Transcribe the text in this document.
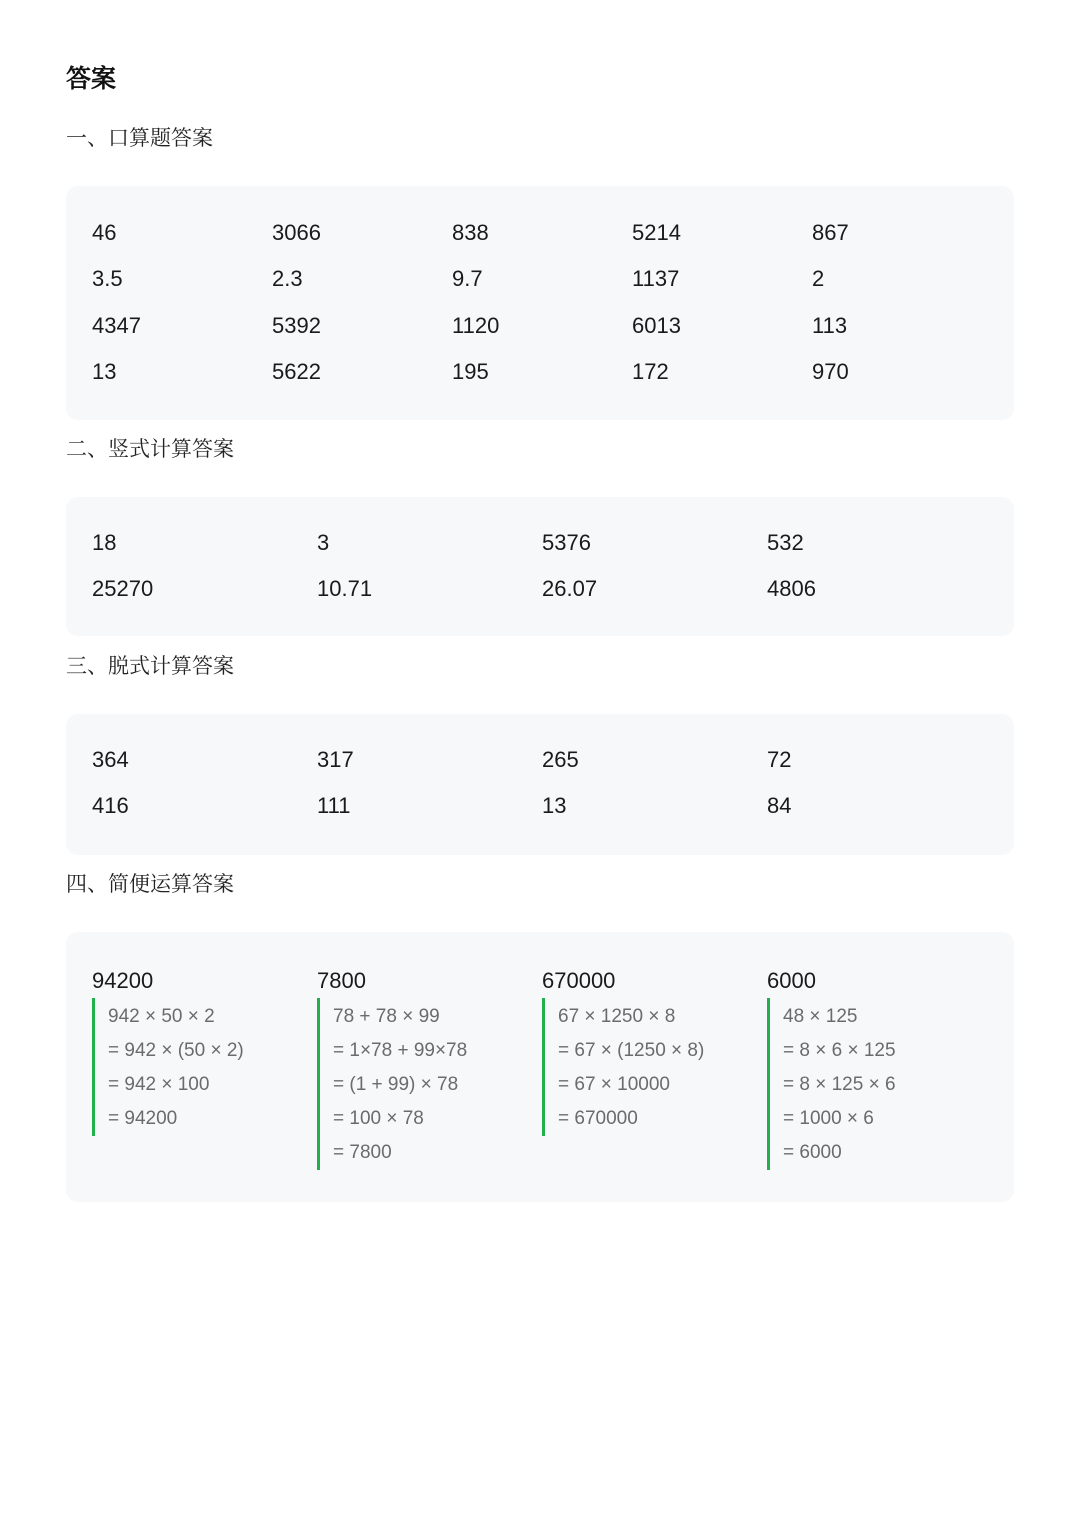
答案
一、口算题答案
46	3066	838	5214	867
3.5	2.3	9.7	1137	2
4347	5392	1120	6013	113
13	5622	195	172	970
二、竖式计算答案
18	3	5376	532
25270	10.71	26.07	4806
三、脱式计算答案
364	317	265	72
416	111	13	84
四、简便运算答案
94200
942 × 50 × 2
= 942 × (50 × 2)
= 942 × 100
= 94200
7800
78 + 78 × 99
= 1×78 + 99×78
= (1 + 99) × 78
= 100 × 78
= 7800
670000
67 × 1250 × 8
= 67 × (1250 × 8)
= 67 × 10000
= 670000
6000
48 × 125
= 8 × 6 × 125
= 8 × 125 × 6
= 1000 × 6
= 6000
